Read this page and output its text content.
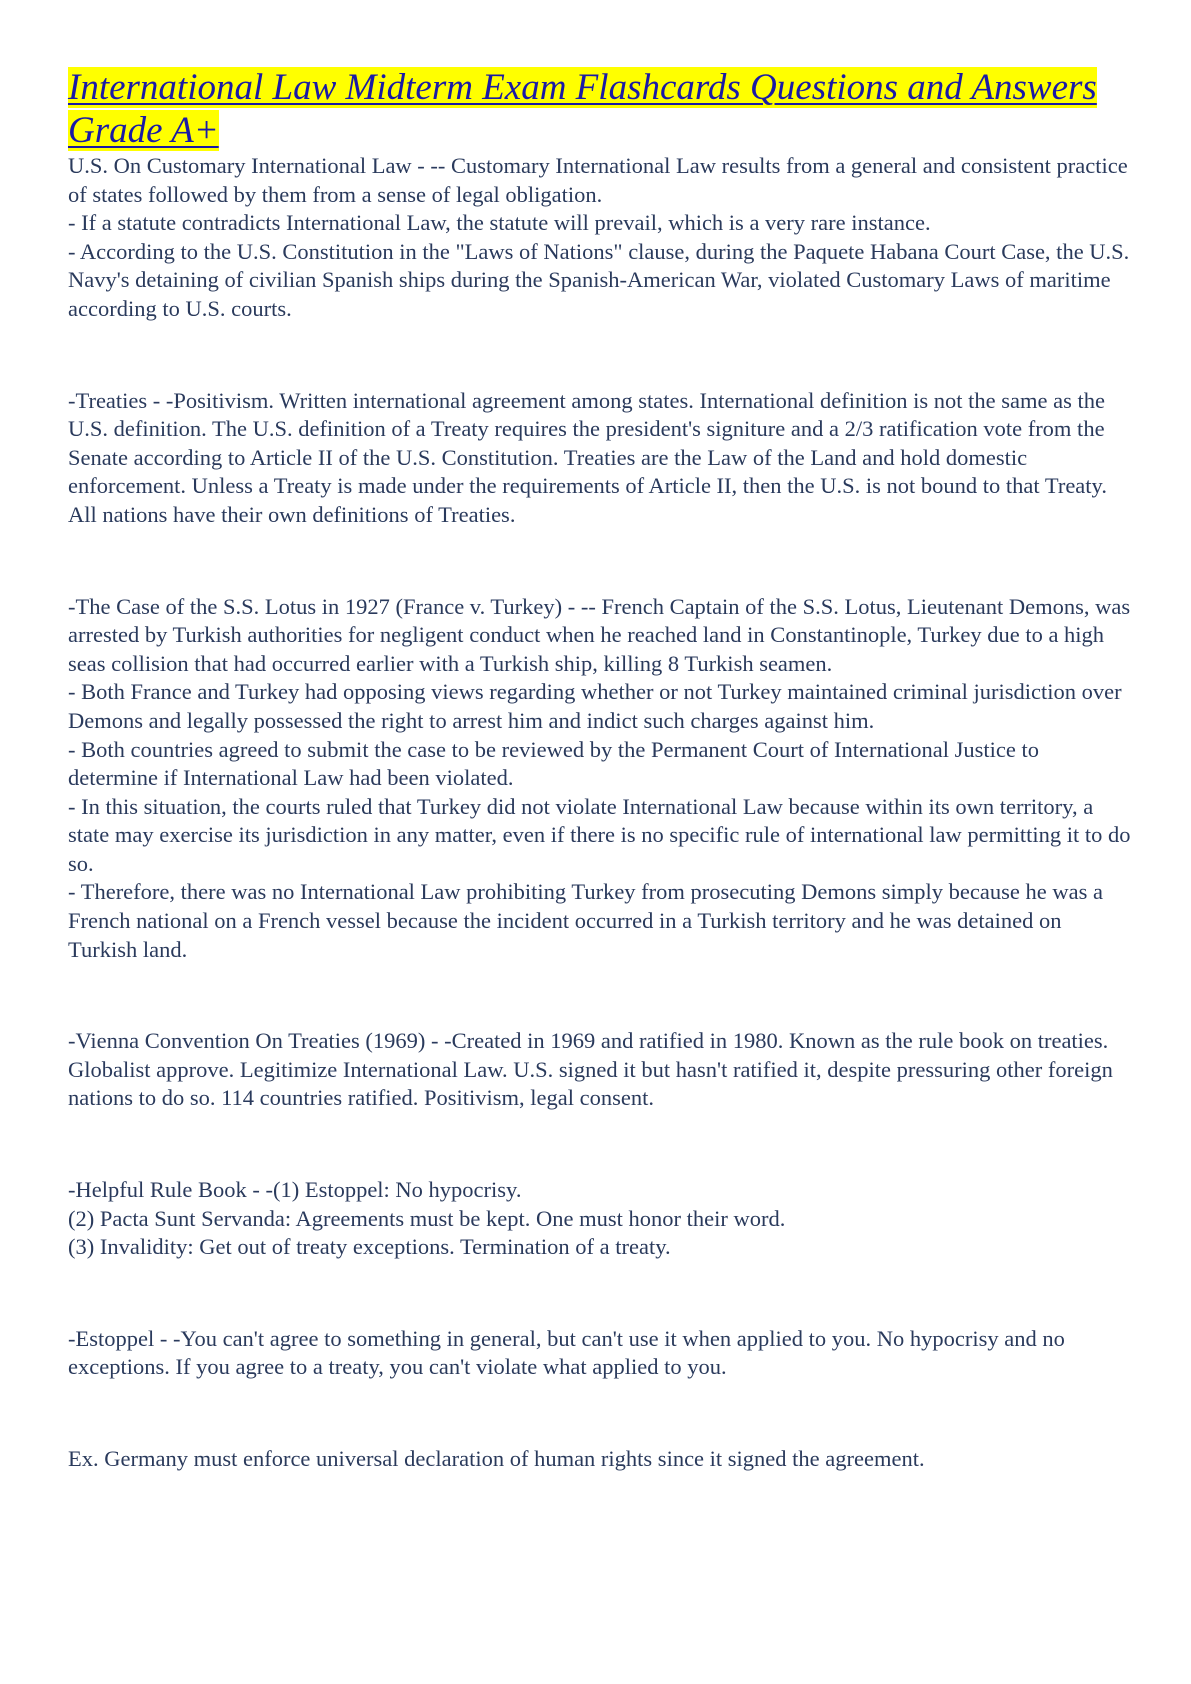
International Law Midterm Exam Flashcards Questions and Answers Grade A+
U.S. On Customary International Law - -- Customary International Law results from a general and consistent practice of states followed by them from a sense of legal obligation.
- If a statute contradicts International Law, the statute will prevail, which is a very rare instance.
- According to the U.S. Constitution in the "Laws of Nations" clause, during the Paquete Habana Court Case, the U.S. Navy's detaining of civilian Spanish ships during the Spanish-American War, violated Customary Laws of maritime according to U.S. courts.
-Treaties - -Positivism. Written international agreement among states. International definition is not the same as the U.S. definition. The U.S. definition of a Treaty requires the president's signiture and a 2/3 ratification vote from the Senate according to Article II of the U.S. Constitution. Treaties are the Law of the Land and hold domestic enforcement. Unless a Treaty is made under the requirements of Article II, then the U.S. is not bound to that Treaty. All nations have their own definitions of Treaties.
-The Case of the S.S. Lotus in 1927 (France v. Turkey) - -- French Captain of the S.S. Lotus, Lieutenant Demons, was arrested by Turkish authorities for negligent conduct when he reached land in Constantinople, Turkey due to a high seas collision that had occurred earlier with a Turkish ship, killing 8 Turkish seamen.
- Both France and Turkey had opposing views regarding whether or not Turkey maintained criminal jurisdiction over Demons and legally possessed the right to arrest him and indict such charges against him.
- Both countries agreed to submit the case to be reviewed by the Permanent Court of International Justice to determine if International Law had been violated.
- In this situation, the courts ruled that Turkey did not violate International Law because within its own territory, a state may exercise its jurisdiction in any matter, even if there is no specific rule of international law permitting it to do so.
- Therefore, there was no International Law prohibiting Turkey from prosecuting Demons simply because he was a French national on a French vessel because the incident occurred in a Turkish territory and he was detained on Turkish land.
-Vienna Convention On Treaties (1969) - -Created in 1969 and ratified in 1980. Known as the rule book on treaties. Globalist approve. Legitimize International Law. U.S. signed it but hasn't ratified it, despite pressuring other foreign nations to do so. 114 countries ratified. Positivism, legal consent.
-Helpful Rule Book - -(1) Estoppel: No hypocrisy.
(2) Pacta Sunt Servanda: Agreements must be kept. One must honor their word.
(3) Invalidity: Get out of treaty exceptions. Termination of a treaty.
-Estoppel - -You can't agree to something in general, but can't use it when applied to you. No hypocrisy and no exceptions. If you agree to a treaty, you can't violate what applied to you.
Ex. Germany must enforce universal declaration of human rights since it signed the agreement.
